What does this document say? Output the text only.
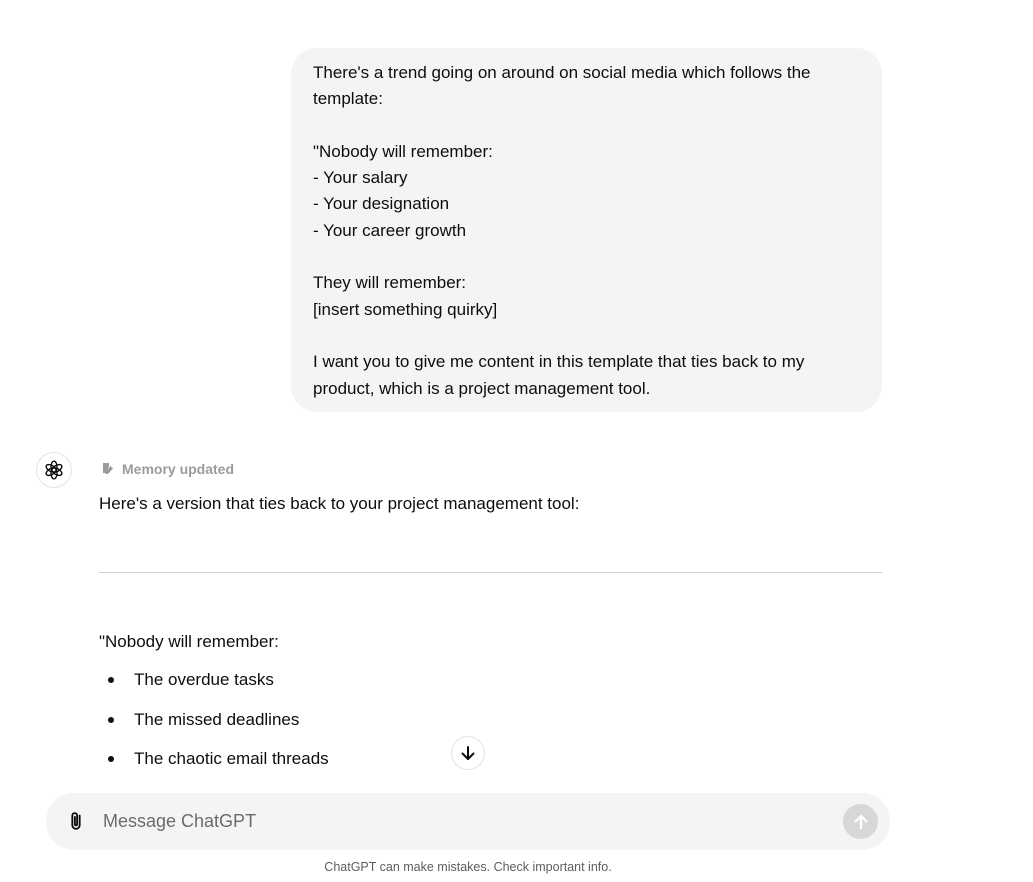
There's a trend going on around on social media which follows the
template:
"Nobody will remember:
- Your salary
- Your designation
- Your career growth
They will remember:
[insert something quirky]
I want you to give me content in this template that ties back to my
product, which is a project management tool.
Memory updated
Here's a version that ties back to your project management tool:
"Nobody will remember:
The overdue tasks
The missed deadlines
The chaotic email threads
Message ChatGPT
ChatGPT can make mistakes. Check important info.
